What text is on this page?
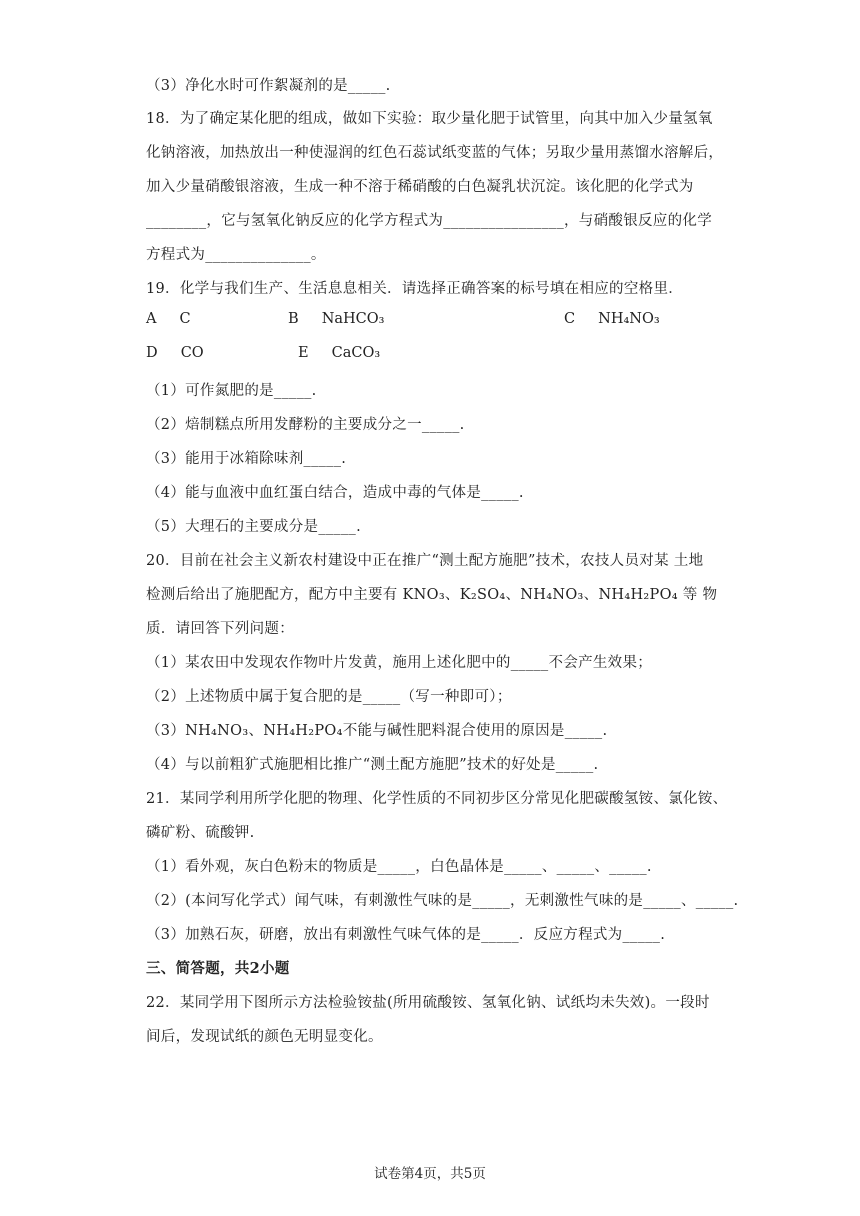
（3）净化水时可作絮凝剂的是_____.
18．为了确定某化肥的组成，做如下实验：取少量化肥于试管里，向其中加入少量氢氧
化钠溶液，加热放出一种使湿润的红色石蕊试纸变蓝的气体；另取少量用蒸馏水溶解后，
加入少量硝酸银溶液，生成一种不溶于稀硝酸的白色凝乳状沉淀。该化肥的化学式为
________，它与氢氧化钠反应的化学方程式为________________，与硝酸银反应的化学
方程式为______________。
19．化学与我们生产、生活息息相关．请选择正确答案的标号填在相应的空格里．
A C	B NaHCO₃	C NH₄NO₃
D CO	E CaCO₃
（1）可作氮肥的是_____.
（2）焙制糕点所用发酵粉的主要成分之一_____.
（3）能用于冰箱除味剂_____.
（4）能与血液中血红蛋白结合，造成中毒的气体是_____.
（5）大理石的主要成分是_____.
20．目前在社会主义新农村建设中正在推广“测土配方施肥”技术，农技人员对某 土地
检测后给出了施肥配方，配方中主要有 KNO₃、K₂SO₄、NH₄NO₃、NH₄H₂PO₄ 等 物
质．请回答下列问题：
（1）某农田中发现农作物叶片发黄，施用上述化肥中的_____不会产生效果；
（2）上述物质中属于复合肥的是_____（写一种即可）；
（3）NH₄NO₃、NH₄H₂PO₄不能与碱性肥料混合使用的原因是_____.
（4）与以前粗犷式施肥相比推广“测土配方施肥”技术的好处是_____.
21．某同学利用所学化肥的物理、化学性质的不同初步区分常见化肥碳酸氢铵、氯化铵、
磷矿粉、硫酸钾.
（1）看外观，灰白色粉末的物质是_____，白色晶体是_____、_____、_____.
（2）(本问写化学式）闻气味，有刺激性气味的是_____，无刺激性气味的是_____、_____.
（3）加熟石灰，研磨，放出有刺激性气味气体的是_____．反应方程式为_____.
三、简答题，共2小题
22．某同学用下图所示方法检验铵盐(所用硫酸铵、氢氧化钠、试纸均未失效)。一段时
间后，发现试纸的颜色无明显变化。
试卷第4页，共5页
